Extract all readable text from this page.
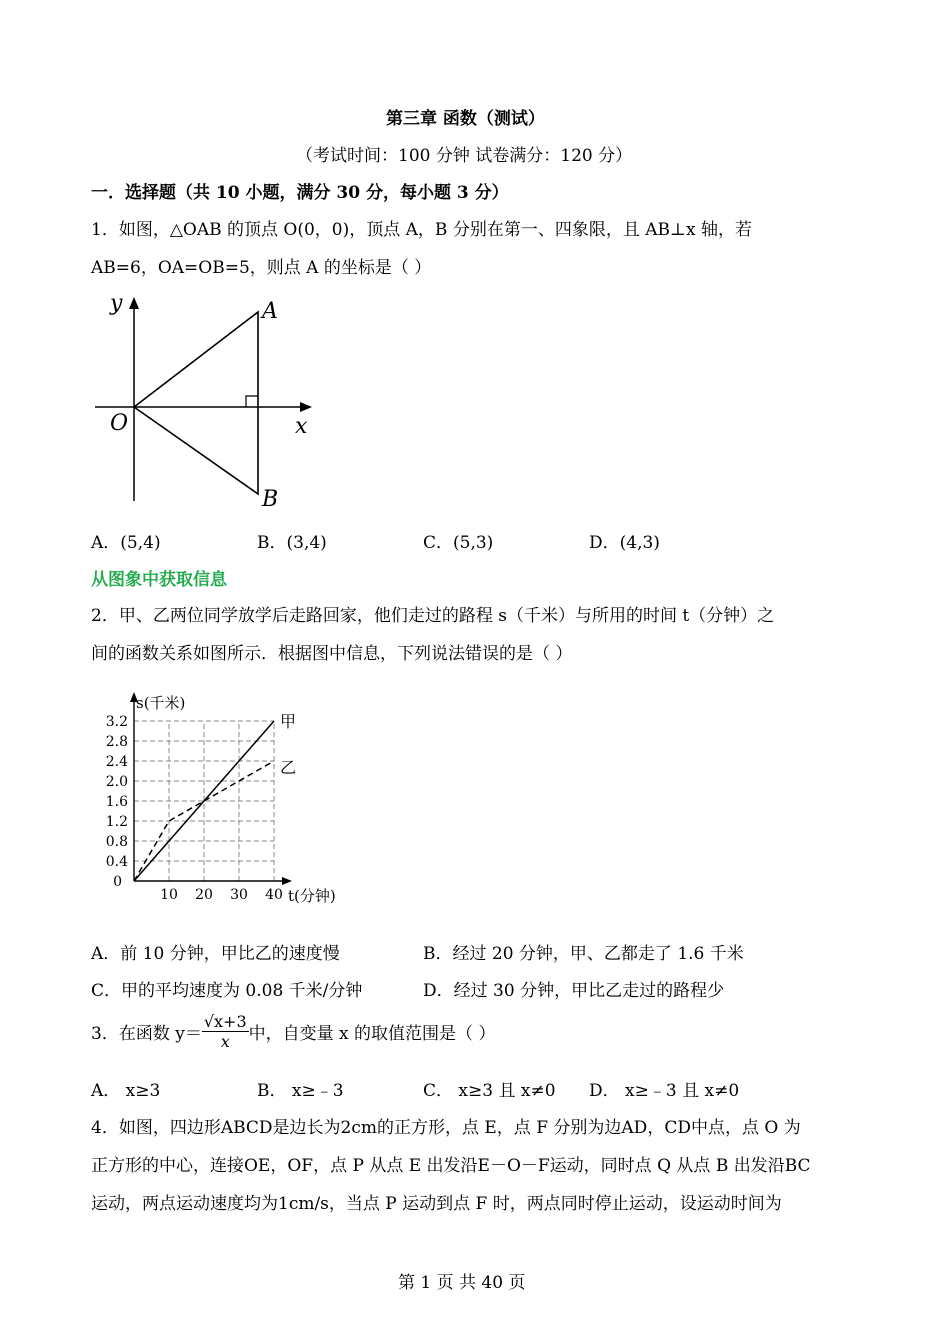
第三章 函数（测试）
（考试时间：100 分钟 试卷满分：120 分）
一．选择题（共 10 小题，满分 30 分，每小题 3 分）
1．如图，△OAB 的顶点 O(0，0)，顶点 A，B 分别在第一、四象限，且 AB⊥x 轴，若
AB=6，OA=OB=5，则点 A 的坐标是（ ）
y
x
O
A
B
A．(5,4)	B．(3,4)	C．(5,3)	D．(4,3)
从图象中获取信息
2．甲、乙两位同学放学后走路回家，他们走过的路程 s（千米）与所用的时间 t（分钟）之
间的函数关系如图所示．根据图中信息，下列说法错误的是（ ）
0.4
0.8
1.2
1.6
2.0
2.4
2.8
3.2
10 20 30 40
0
s(千米)
t(分钟)
甲
乙
A．前 10 分钟，甲比乙的速度慢	B．经过 20 分钟，甲、乙都走了 1.6 千米
C．甲的平均速度为 0.08 千米/分钟	D．经过 30 分钟，甲比乙走过的路程少
3．在函数 $y= \frac{√x+3}{x}$ 中，自变量 x 的取值范围是（ ）
A． x≥3	B． x≥﹣3	C． x≥3 且 x≠0 D． x≥﹣3 且 x≠0
4．如图，四边形ABCD是边长为2cm的正方形，点 E，点 F 分别为边AD，CD中点，点 O 为
正方形的中心，连接OE，OF，点 P 从点 E 出发沿E－O－F运动，同时点 Q 从点 B 出发沿BC
运动，两点运动速度均为1cm/s，当点 P 运动到点 F 时，两点同时停止运动，设运动时间为
第 1 页 共 40 页
